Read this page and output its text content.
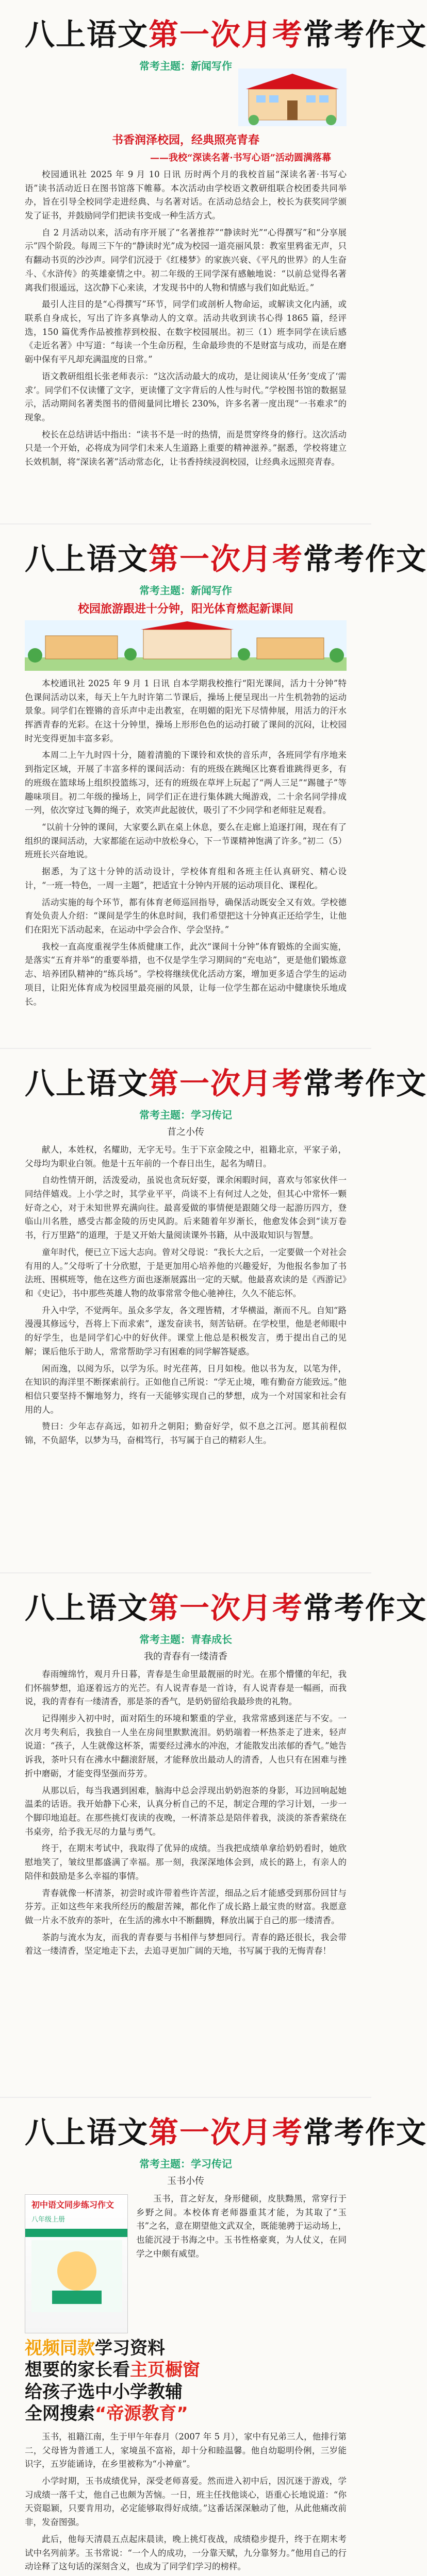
八上语文第一次月考常考作文
常考主题：新闻写作
书香润泽校园，经典照亮青春
——我校“深读名著·书写心语”活动圆满落幕

校园通讯社 2025 年 9 月 10 日讯 历时两个月的我校首届“深读名著·书写心语”读书活动近日在图书馆落下帷幕。本次活动由学校语文教研组联合校团委共同举办，旨在引导全校同学走进经典、与名著对话。在活动总结会上，校长为获奖同学颁发了证书，并鼓励同学们把读书变成一种生活方式。

自 2 月活动以来，活动有序开展了“名著推荐”“静读时光”“心得撰写”和“分享展示”四个阶段。每周三下午的“静读时光”成为校园一道亮丽风景：教室里鸦雀无声，只有翻动书页的沙沙声。同学们沉浸于《红楼梦》的家族兴衰、《平凡的世界》的人生奋斗、《水浒传》的英雄豪情之中。初二年级的王同学深有感触地说：“以前总觉得名著离我们很遥远，这次静下心来读，才发现书中的人物和情感与我们如此贴近。”

最引人注目的是“心得撰写”环节，同学们或剖析人物命运，或解读文化内涵，或联系自身成长，写出了许多真挚动人的文章。活动共收到读书心得 1865 篇，经评选，150 篇优秀作品被推荐到校报、在数字校园展出。初三（1）班李同学在读后感《走近名著》中写道：“每读一个生命历程，生命最珍贵的不是财富与成功，而是在磨砺中保有平凡却充满温度的日常。”

语文教研组组长张老师表示：“这次活动最大的成功，是让阅读从‘任务’变成了‘需求’。同学们不仅读懂了文字，更读懂了文字背后的人性与时代。”学校图书馆的数据显示，活动期间名著类图书的借阅量同比增长 230%，许多名著一度出现“一书难求”的现象。

校长在总结讲话中指出：“读书不是一时的热情，而是贯穿终身的修行。这次活动只是一个开始，必将成为同学们未来人生道路上重要的精神滋养。”据悉，学校将建立长效机制，将“深读名著”活动常态化，让书香持续浸润校园，让经典永远照亮青春。

八上语文第一次月考常考作文
常考主题：新闻写作
校园旅游跟进十分钟，阳光体育燃起新课间

本校通讯社 2025 年 9 月 1 日讯 自本学期我校推行“阳光课间，活力十分钟”特色课间活动以来，每天上午九时许第二节课后，操场上便呈现出一片生机勃勃的运动景象。同学们在铿锵的音乐声中走出教室，在明媚的阳光下尽情伸展，用活力的汗水挥洒青春的光彩。在这十分钟里，操场上形形色色的运动打破了课间的沉闷，让校园时光变得更加丰富多彩。

本周二上午九时四十分，随着清脆的下课铃和欢快的音乐声，各班同学有序地来到指定区域，开展了丰富多样的课间活动：有的班级在跳绳区比赛看谁跳得更多，有的班级在篮球场上组织投篮练习，还有的班级在草坪上玩起了“两人三足”“踢毽子”等趣味项目。初二年级的操场上，同学们正在进行集体跳大绳游戏，二十余名同学排成一列，依次穿过飞舞的绳子，欢笑声此起彼伏，吸引了不少同学和老师驻足观看。

“以前十分钟的课间，大家要么趴在桌上休息，要么在走廊上追逐打闹，现在有了组织的课间活动，大家都能在运动中放松身心，下一节课精神饱满了许多。”初二（5）班班长兴奋地说。

据悉，为了这十分钟的活动设计，学校体育组和各班主任认真研究、精心设计，“一班一特色，一周一主题”，把适宜十分钟内开展的运动项目化、课程化。

活动实施的每个环节，都有体育老师巡回指导，确保活动既安全又有效。学校德育处负责人介绍：“课间是学生的休息时间，我们希望把这十分钟真正还给学生，让他们在阳光下活动起来，在运动中学会合作、学会坚持。”

我校一直高度重视学生体质健康工作，此次“课间十分钟”体育锻炼的全面实施，是落实“五育并举”的重要举措，也不仅是学生学习期间的“充电站”，更是他们锻炼意志、培养团队精神的“练兵场”。学校将继续优化活动方案，增加更多适合学生的运动项目，让阳光体育成为校园里最亮丽的风景，让每一位学生都在运动中健康快乐地成长。

八上语文第一次月考常考作文
常考主题：学习传记
苜之小传

献人，本姓权，名耀助，无字无号。生于下京金陵之中，祖籍北京，平家子弟，父母均为职业白领。他是十五年前的一个春日出生，起名为晴日。

自幼性情开朗，活泼爱动，虽说也贪玩好耍，课余闲暇时间，喜欢与邻家伙伴一同结伴嬉戏。上小学之时，其学业平平，尚谈不上有何过人之处，但其心中常怀一颗好奇之心，对于未知世界充满向往。最喜爱做的事情便是跟随父母一起游历四方，登临山川名胜，感受古都金陵的历史风韵。后来随着年岁渐长，他愈发体会到“读万卷书，行万里路”的道理，于是又开始大量阅读课外书籍，从中汲取知识与智慧。

童年时代，便已立下远大志向。曾对父母说：“我长大之后，一定要做一个对社会有用的人。”父母听了十分欣慰，于是更加用心培养他的兴趣爱好，为他报名参加了书法班、围棋班等，他在这些方面也逐渐展露出一定的天赋。他最喜欢读的是《西游记》和《史记》，书中那些英雄人物的故事常常令他心驰神往，久久不能忘怀。

升入中学，不觉两年。虽众多学友，各文理皆精，才华横溢，渐而不凡。自知“路漫漫其修远兮，吾将上下而求索”，遂发奋读书，刻苦钻研。在学校里，他是老师眼中的好学生，也是同学们心中的好伙伴。课堂上他总是积极发言，勇于提出自己的见解；课后他乐于助人，常常帮助学习有困难的同学解答疑惑。

闲而逸，以阅为乐，以学为乐。时光荏苒，日月如梭。他以书为友，以笔为伴，在知识的海洋里不断探索前行。正如他自己所说：“学无止境，唯有勤奋方能致远。”他相信只要坚持不懈地努力，终有一天能够实现自己的梦想，成为一个对国家和社会有用的人。

赞曰：少年志存高远，如初升之朝阳；勤奋好学，似不息之江河。愿其前程似锦，不负韶华，以梦为马，奋楫笃行，书写属于自己的精彩人生。

八上语文第一次月考常考作文
常考主题：青春成长
我的青春有一缕清香

春雨缠绵竹，观月升日暮，青春是生命里最靓丽的时光。在那个懵懂的年纪，我们怀揣梦想，追逐着远方的光芒。有人说青春是一首诗，有人说青春是一幅画，而我说，我的青春有一缕清香，那是茶的香气，是奶奶留给我最珍贵的礼物。

记得刚步入初中时，面对陌生的环境和繁重的学业，我常常感到迷茫与不安。一次月考失利后，我独自一人坐在房间里默默流泪。奶奶端着一杯热茶走了进来，轻声说道：“孩子，人生就像这杯茶，需要经过沸水的冲泡，才能散发出浓郁的香气。”她告诉我，茶叶只有在沸水中翻滚舒展，才能释放出最动人的清香，人也只有在困难与挫折中磨砺，才能变得坚强而芬芳。

从那以后，每当我遇到困难，脑海中总会浮现出奶奶泡茶的身影，耳边回响起她温柔的话语。我开始静下心来，认真分析自己的不足，制定合理的学习计划，一步一个脚印地追赶。在那些挑灯夜读的夜晚，一杯清茶总是陪伴着我，淡淡的茶香萦绕在书桌旁，给予我无尽的力量与勇气。

终于，在期末考试中，我取得了优异的成绩。当我把成绩单拿给奶奶看时，她欣慰地笑了，皱纹里都盛满了幸福。那一刻，我深深地体会到，成长的路上，有亲人的陪伴和鼓励是多么幸福的事情。

青春就像一杯清茶，初尝时或许带着些许苦涩，细品之后才能感受到那份回甘与芬芳。正如这些年来我所经历的酸甜苦辣，都化作了成长路上最宝贵的财富。我愿意做一片永不放弃的茶叶，在生活的沸水中不断翻腾，释放出属于自己的那一缕清香。

茶韵与流水为友，而我的青春要与书相伴与梦想同行。青春的路还很长，我会带着这一缕清香，坚定地走下去，去追寻更加广阔的天地，书写属于我的无悔青春！

八上语文第一次月考常考作文
常考主题：学习传记
玉书小传
初中语文同步练习作文
八年级上册

玉书，苜之好友，身形健硕，皮肤黝黑，常穿行于乡野之间。本校体育老师器重其才能，为其取了“玉书”之名，意在期望他文武双全，既能驰骋于运动场上，也能沉浸于书海之中。玉书性格豪爽，为人仗义，在同学之中颇有威望。

视频同款学习资料
想要的家长看主页橱窗
给孩子选中小学教辅
全网搜索“帝源教育”

玉书，祖籍江南，生于甲午年春月（2007 年 5 月），家中有兄弟三人，他排行第二，父母皆为普通工人，家境虽不富裕，却十分和睦温馨。他自幼聪明伶俐，三岁能识字，五岁能诵诗，在乡里被称为“小神童”。

小学时期，玉书成绩优异，深受老师喜爱。然而进入初中后，因沉迷于游戏，学习成绩一落千丈，他自己也颇为苦恼。一日，班主任找他谈心，语重心长地说道：“你天资聪颖，只要肯用功，必定能够取得好成绩。”这番话深深触动了他，从此他痛改前非，发奋图强。

此后，他每天清晨五点起床晨读，晚上挑灯夜战，成绩稳步提升，终于在期末考试中名列前茅。玉书常说：“一个人的成功，一分靠天赋，九分靠努力。”他用自己的行动诠释了这句话的深刻含义，也成为了同学们学习的榜样。
